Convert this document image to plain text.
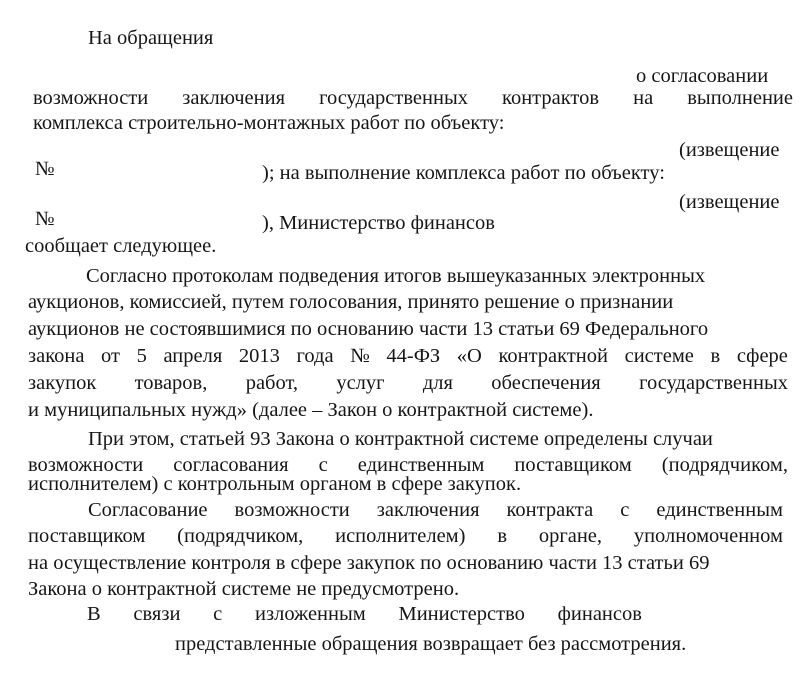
На обращения
о согласовании
возможности заключения государственных контрактов на выполнение
комплекса строительно-монтажных работ по объекту:
(извещение
№	); на выполнение комплекса работ по объекту:
(извещение
№	), Министерство финансов
сообщает следующее.
Согласно протоколам подведения итогов вышеуказанных электронных
аукционов, комиссией, путем голосования, принято решение о признании
аукционов не состоявшимися по основанию части 13 статьи 69 Федерального
закона от 5 апреля 2013 года № 44-ФЗ «О контрактной системе в сфере
закупок товаров, работ, услуг для обеспечения государственных
и муниципальных нужд» (далее – Закон о контрактной системе).
При этом, статьей 93 Закона о контрактной системе определены случаи
возможности согласования с единственным поставщиком (подрядчиком,
исполнителем) с контрольным органом в сфере закупок.
Согласование возможности заключения контракта с единственным
поставщиком (подрядчиком, исполнителем) в органе, уполномоченном
на осуществление контроля в сфере закупок по основанию части 13 статьи 69
Закона о контрактной системе не предусмотрено.
В связи с изложенным Министерство финансов
представленные обращения возвращает без рассмотрения.
